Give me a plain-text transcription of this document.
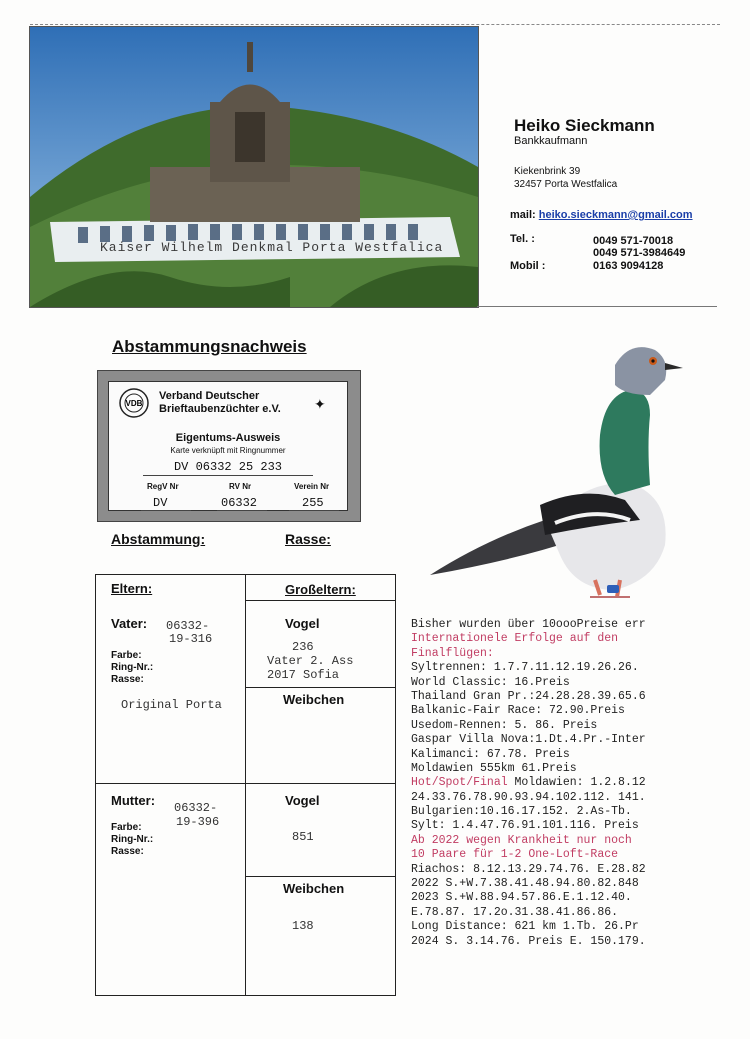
Kaiser Wilhelm Denkmal Porta Westfalica
Heiko Sieckmann
Bankkaufmann
Kiekenbrink 39
32457 Porta Westfalica
mail: heiko.sieckmann@gmail.com
Tel. :	0049 571-70018
0049 571-3984649
Mobil :	0163 9094128
Abstammungsnachweis
VDB
Verband Deutscher
Brieftaubenzüchter e.V. ✦
Eigentums-Ausweis
Karte verknüpft mit Ringnummer
DV 06332 25 233
RegV Nr	RV Nr	Verein Nr
DV	06332	255
Abstammung:	Rasse:
Eltern:	Großeltern:
Vater: 06332-
19-316
Farbe:
Ring-Nr.:
Rasse:
Original Porta
Vogel
236
Vater 2. Ass
2017 Sofia
Weibchen
Mutter: 06332-
19-396
Farbe:
Ring-Nr.:
Rasse:
Vogel
851
Weibchen
138
Bisher wurden über 10oooPreise err
Internationele Erfolge auf den
Finalflügen:
Syltrennen: 1.7.7.11.12.19.26.26.
World Classic: 16.Preis
Thailand Gran Pr.:24.28.28.39.65.6
Balkanic-Fair Race: 72.90.Preis
Usedom-Rennen: 5. 86. Preis
Gaspar Villa Nova:1.Dt.4.Pr.-Inter
Kalimanci: 67.78. Preis
Moldawien 555km 61.Preis
Hot/Spot/Final Moldawien: 1.2.8.12
24.33.76.78.90.93.94.102.112. 141.
Bulgarien:10.16.17.152. 2.As-Tb.
Sylt: 1.4.47.76.91.101.116. Preis
Ab 2022 wegen Krankheit nur noch
10 Paare für 1-2 One-Loft-Race
Riachos: 8.12.13.29.74.76. E.28.82
2022 S.+W.7.38.41.48.94.80.82.848
2023 S.+W.88.94.57.86.E.1.12.40.
E.78.87. 17.2o.31.38.41.86.86.
Long Distance: 621 km 1.Tb. 26.Pr
2024 S. 3.14.76. Preis E. 150.179.
